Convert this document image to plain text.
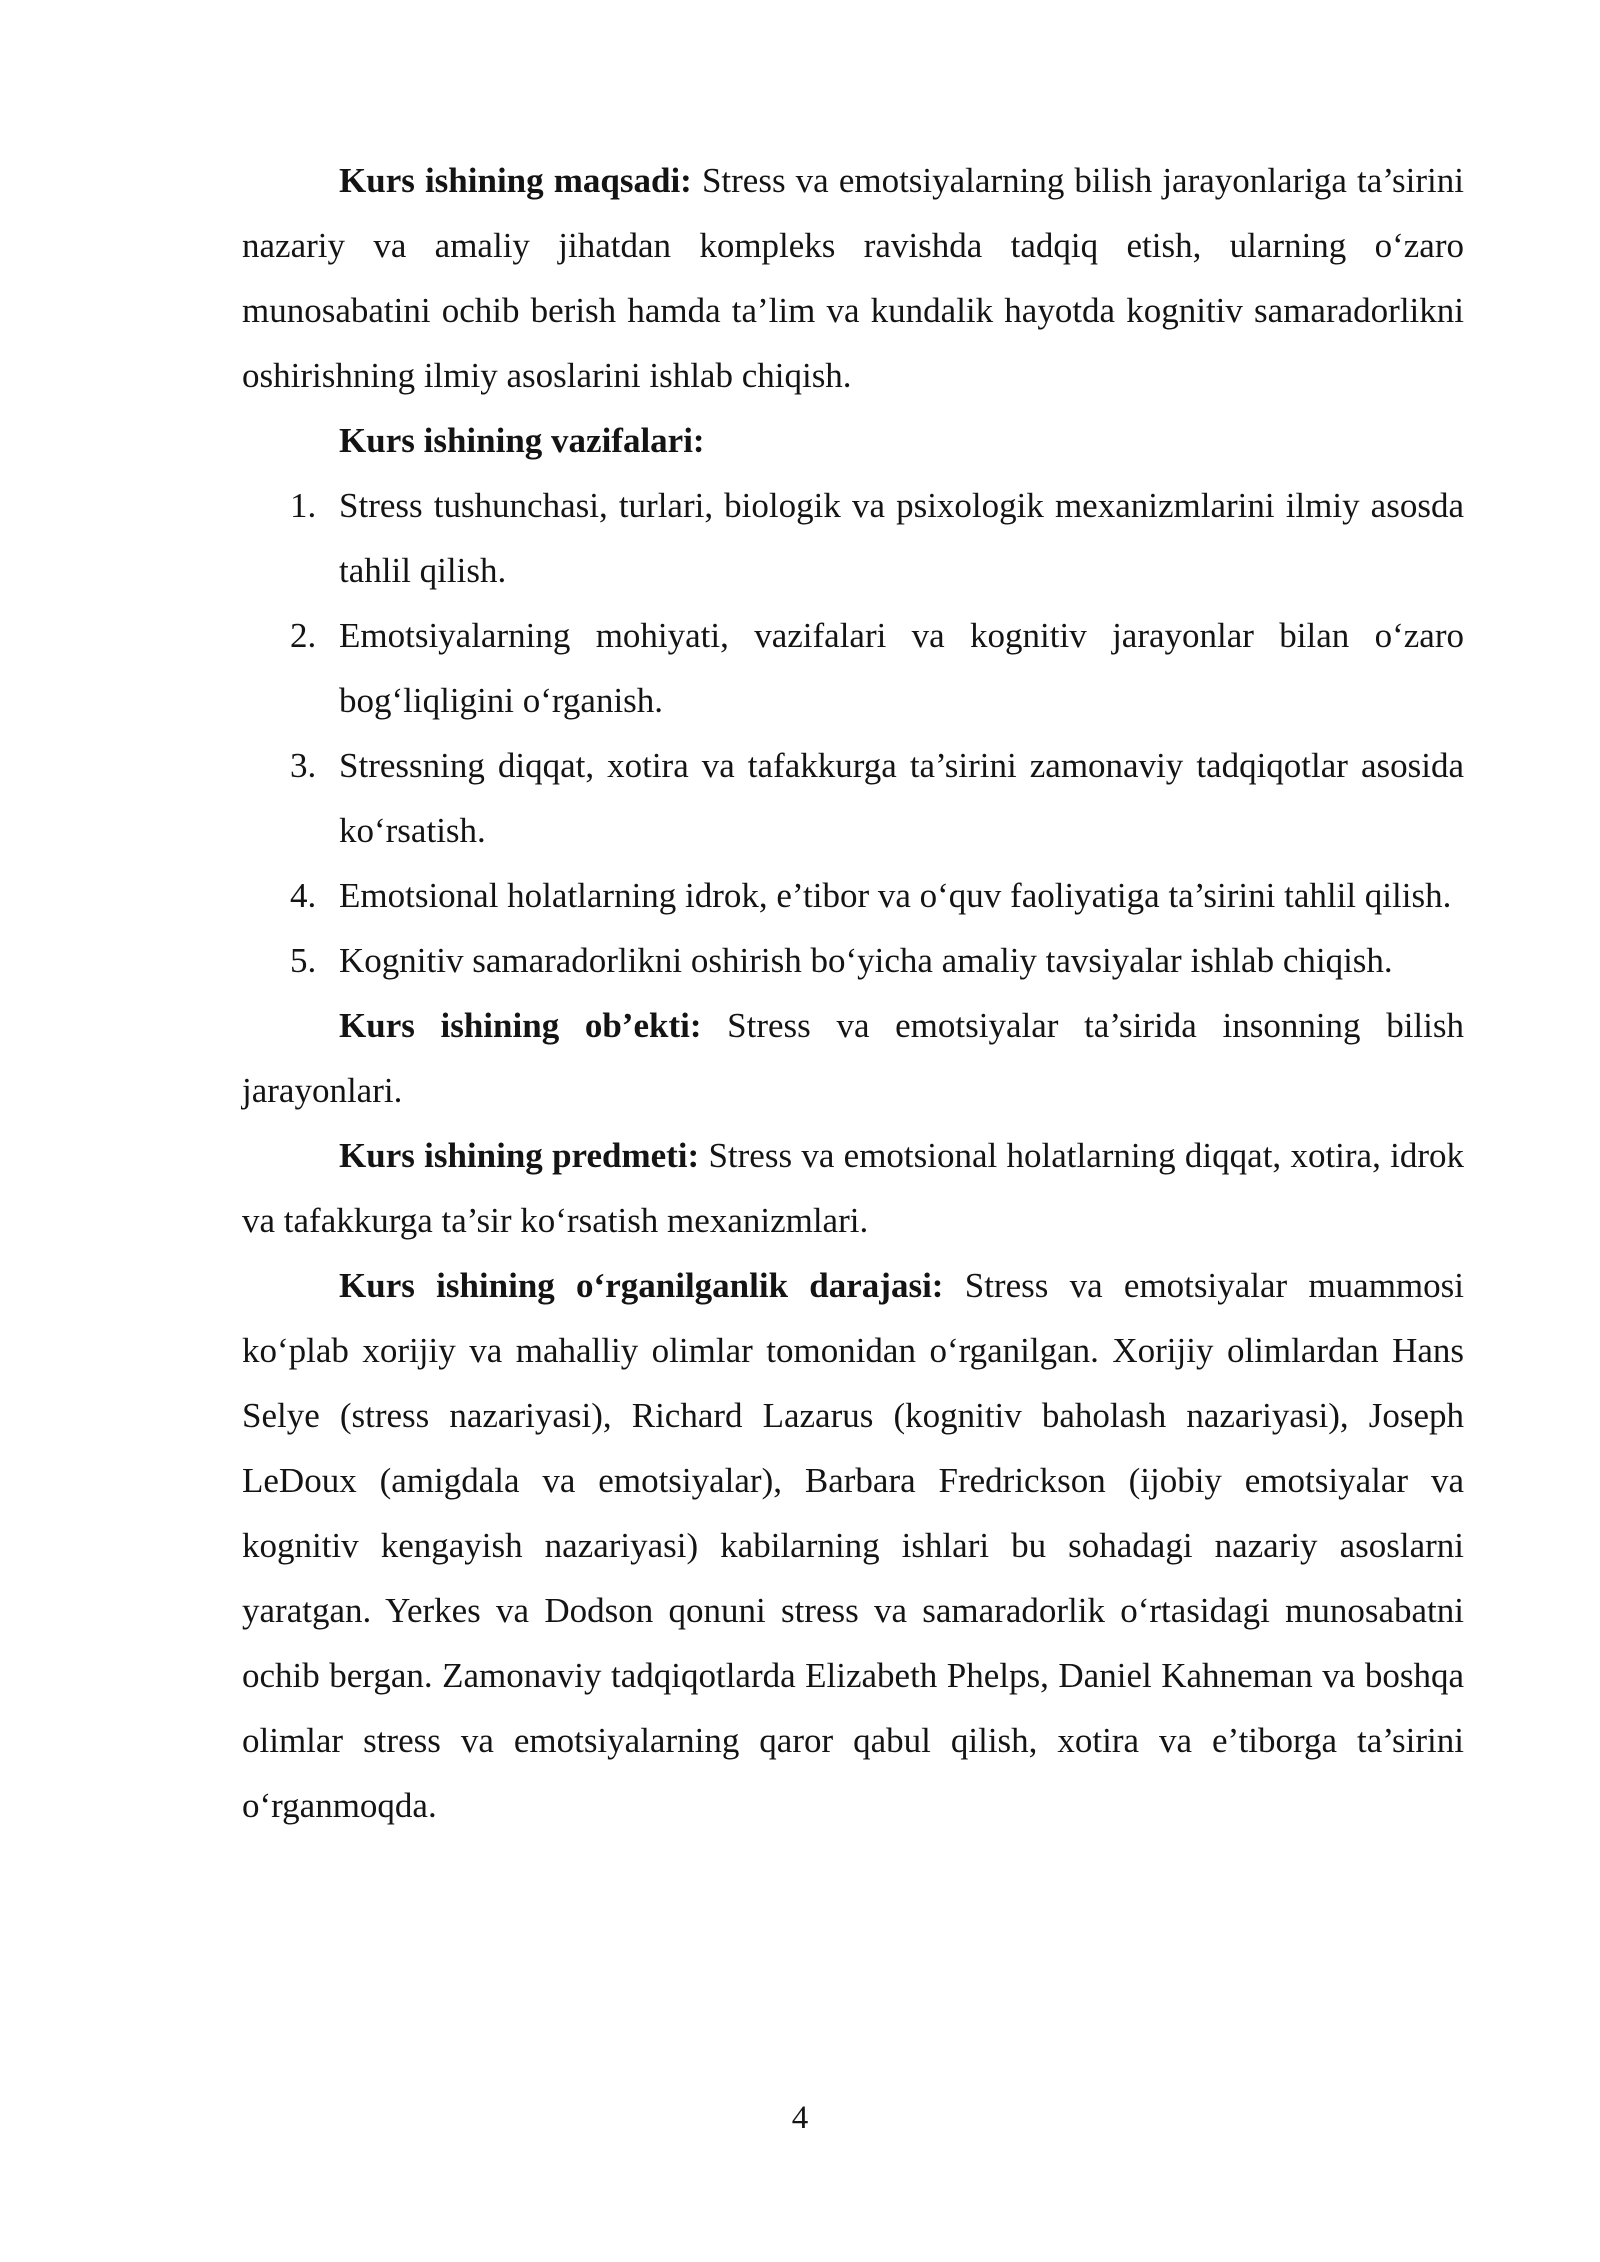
Kurs ishining maqsadi: Stress va emotsiyalarning bilish jarayonlariga ta’sirini nazariy va amaliy jihatdan kompleks ravishda tadqiq etish, ularning o‘zaro munosabatini ochib berish hamda ta’lim va kundalik hayotda kognitiv samaradorlikni oshirishning ilmiy asoslarini ishlab chiqish.

Kurs ishining vazifalari:

1. Stress tushunchasi, turlari, biologik va psixologik mexanizmlarini ilmiy asosda tahlil qilish.
2. Emotsiyalarning mohiyati, vazifalari va kognitiv jarayonlar bilan o‘zaro bog‘liqligini o‘rganish.
3. Stressning diqqat, xotira va tafakkurga ta’sirini zamonaviy tadqiqotlar asosida ko‘rsatish.
4. Emotsional holatlarning idrok, e’tibor va o‘quv faoliyatiga ta’sirini tahlil qilish.
5. Kognitiv samaradorlikni oshirish bo‘yicha amaliy tavsiyalar ishlab chiqish.

Kurs ishining ob’ekti: Stress va emotsiyalar ta’sirida insonning bilish jarayonlari.

Kurs ishining predmeti: Stress va emotsional holatlarning diqqat, xotira, idrok va tafakkurga ta’sir ko‘rsatish mexanizmlari.

Kurs ishining o‘rganilganlik darajasi: Stress va emotsiyalar muammosi ko‘plab xorijiy va mahalliy olimlar tomonidan o‘rganilgan. Xorijiy olimlardan Hans Selye (stress nazariyasi), Richard Lazarus (kognitiv baholash nazariyasi), Joseph LeDoux (amigdala va emotsiyalar), Barbara Fredrickson (ijobiy emotsiyalar va kognitiv kengayish nazariyasi) kabilarning ishlari bu sohadagi nazariy asoslarni yaratgan. Yerkes va Dodson qonuni stress va samaradorlik o‘rtasidagi munosabatni ochib bergan. Zamonaviy tadqiqotlarda Elizabeth Phelps, Daniel Kahneman va boshqa olimlar stress va emotsiyalarning qaror qabul qilish, xotira va e’tiborga ta’sirini o‘rganmoqda.

4
